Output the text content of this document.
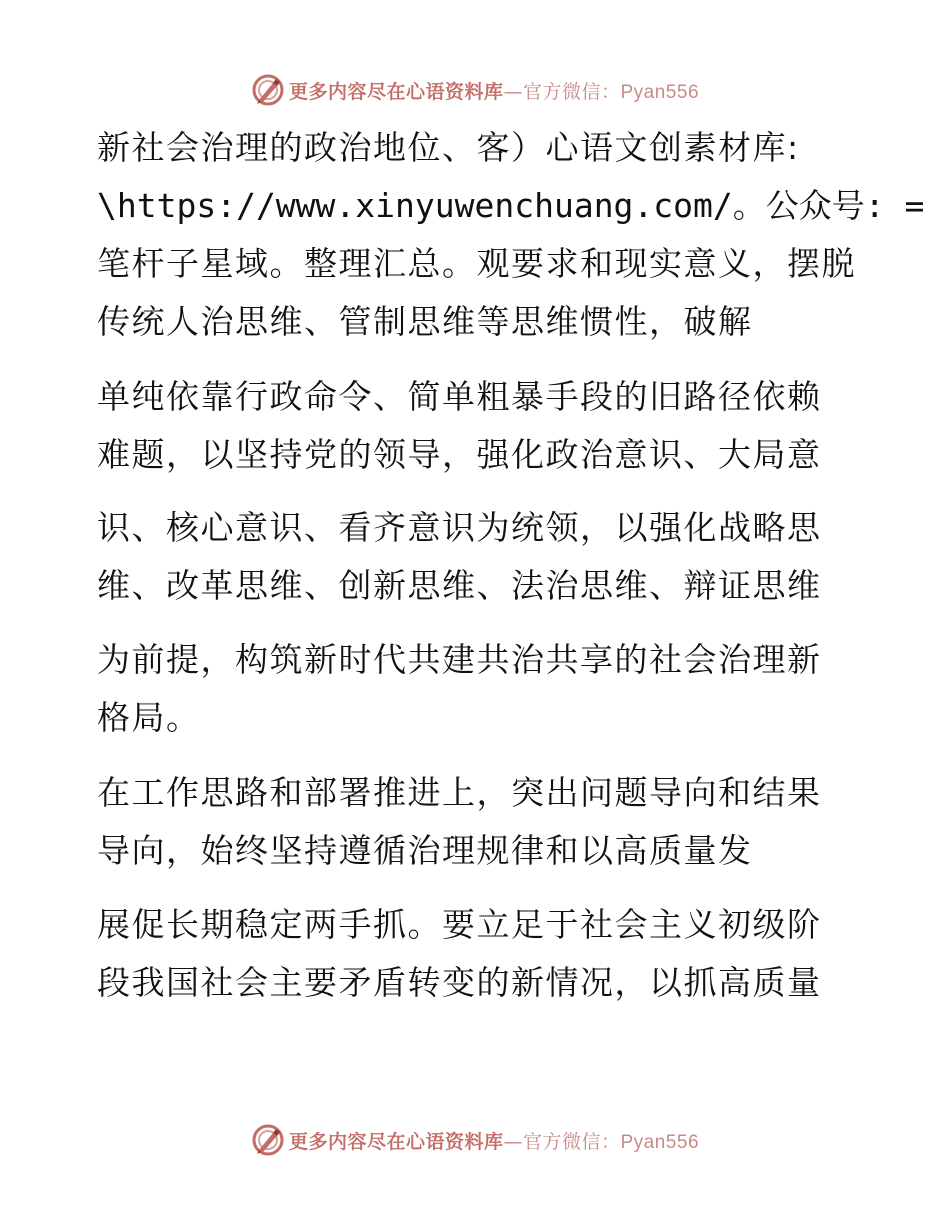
更多内容尽在心语资料库—官方微信：Pyan556
新社会治理的政治地位、客）心语文创素材库:
\https://www.xinyuwenchuang.com/。公众号: =
笔杆子星域。整理汇总。观要求和现实意义，摆脱
传统人治思维、管制思维等思维惯性，破解
单纯依靠行政命令、简单粗暴手段的旧路径依赖
难题，以坚持党的领导，强化政治意识、大局意
识、核心意识、看齐意识为统领，以强化战略思
维、改革思维、创新思维、法治思维、辩证思维
为前提，构筑新时代共建共治共享的社会治理新
格局。
在工作思路和部署推进上，突出问题导向和结果
导向，始终坚持遵循治理规律和以高质量发
展促长期稳定两手抓。要立足于社会主义初级阶
段我国社会主要矛盾转变的新情况，以抓高质量
更多内容尽在心语资料库—官方微信：Pyan556
